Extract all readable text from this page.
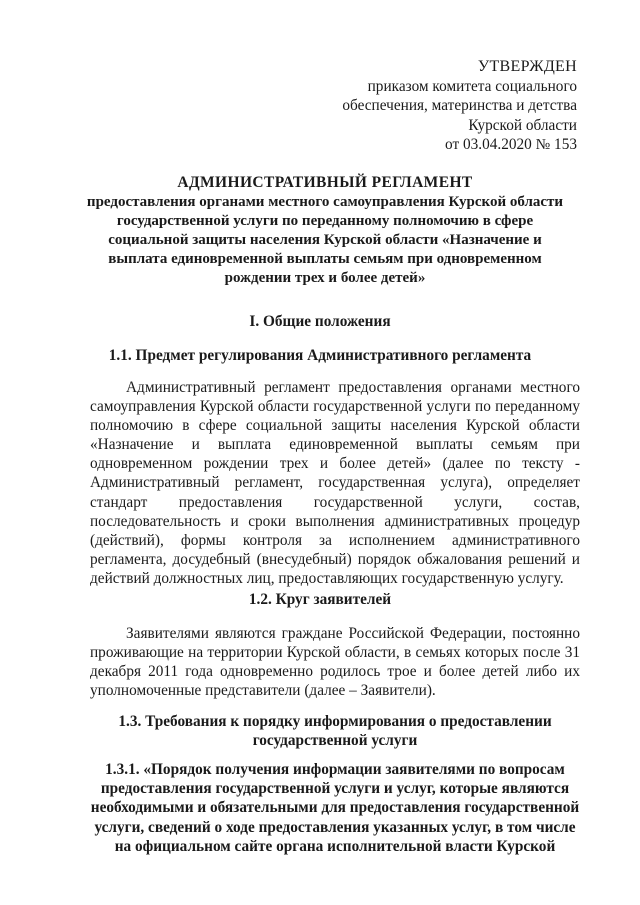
УТВЕРЖДЕН
приказом комитета социального
обеспечения, материнства и детства
Курской области
от 03.04.2020 № 153
АДМИНИСТРАТИВНЫЙ РЕГЛАМЕНТ
предоставления органами местного самоуправления Курской области государственной услуги по переданному полномочию в сфере социальной защиты населения Курской области «Назначение и выплата единовременной выплаты семьям при одновременном рождении трех и более детей»
I. Общие положения
1.1. Предмет регулирования Административного регламента

Административный регламент предоставления органами местного самоуправления Курской области государственной услуги по переданному полномочию в сфере социальной защиты населения Курской области «Назначение и выплата единовременной выплаты семьям при одновременном рождении трех и более детей» (далее по тексту - Административный регламент, государственная услуга), определяет стандарт предоставления государственной услуги, состав, последовательность и сроки выполнения административных процедур (действий), формы контроля за исполнением административного регламента, досудебный (внесудебный) порядок обжалования решений и действий должностных лиц, предоставляющих государственную услугу.

1.2. Круг заявителей

Заявителями являются граждане Российской Федерации, постоянно проживающие на территории Курской области, в семьях которых после 31 декабря 2011 года одновременно родилось трое и более детей либо их уполномоченные представители (далее – Заявители).

1.3. Требования к порядку информирования о предоставлении государственной услуги
1.3.1. «Порядок получения информации заявителями по вопросам предоставления государственной услуги и услуг, которые являются необходимыми и обязательными для предоставления государственной услуги, сведений о ходе предоставления указанных услуг, в том числе на официальном сайте органа исполнительной власти Курской
